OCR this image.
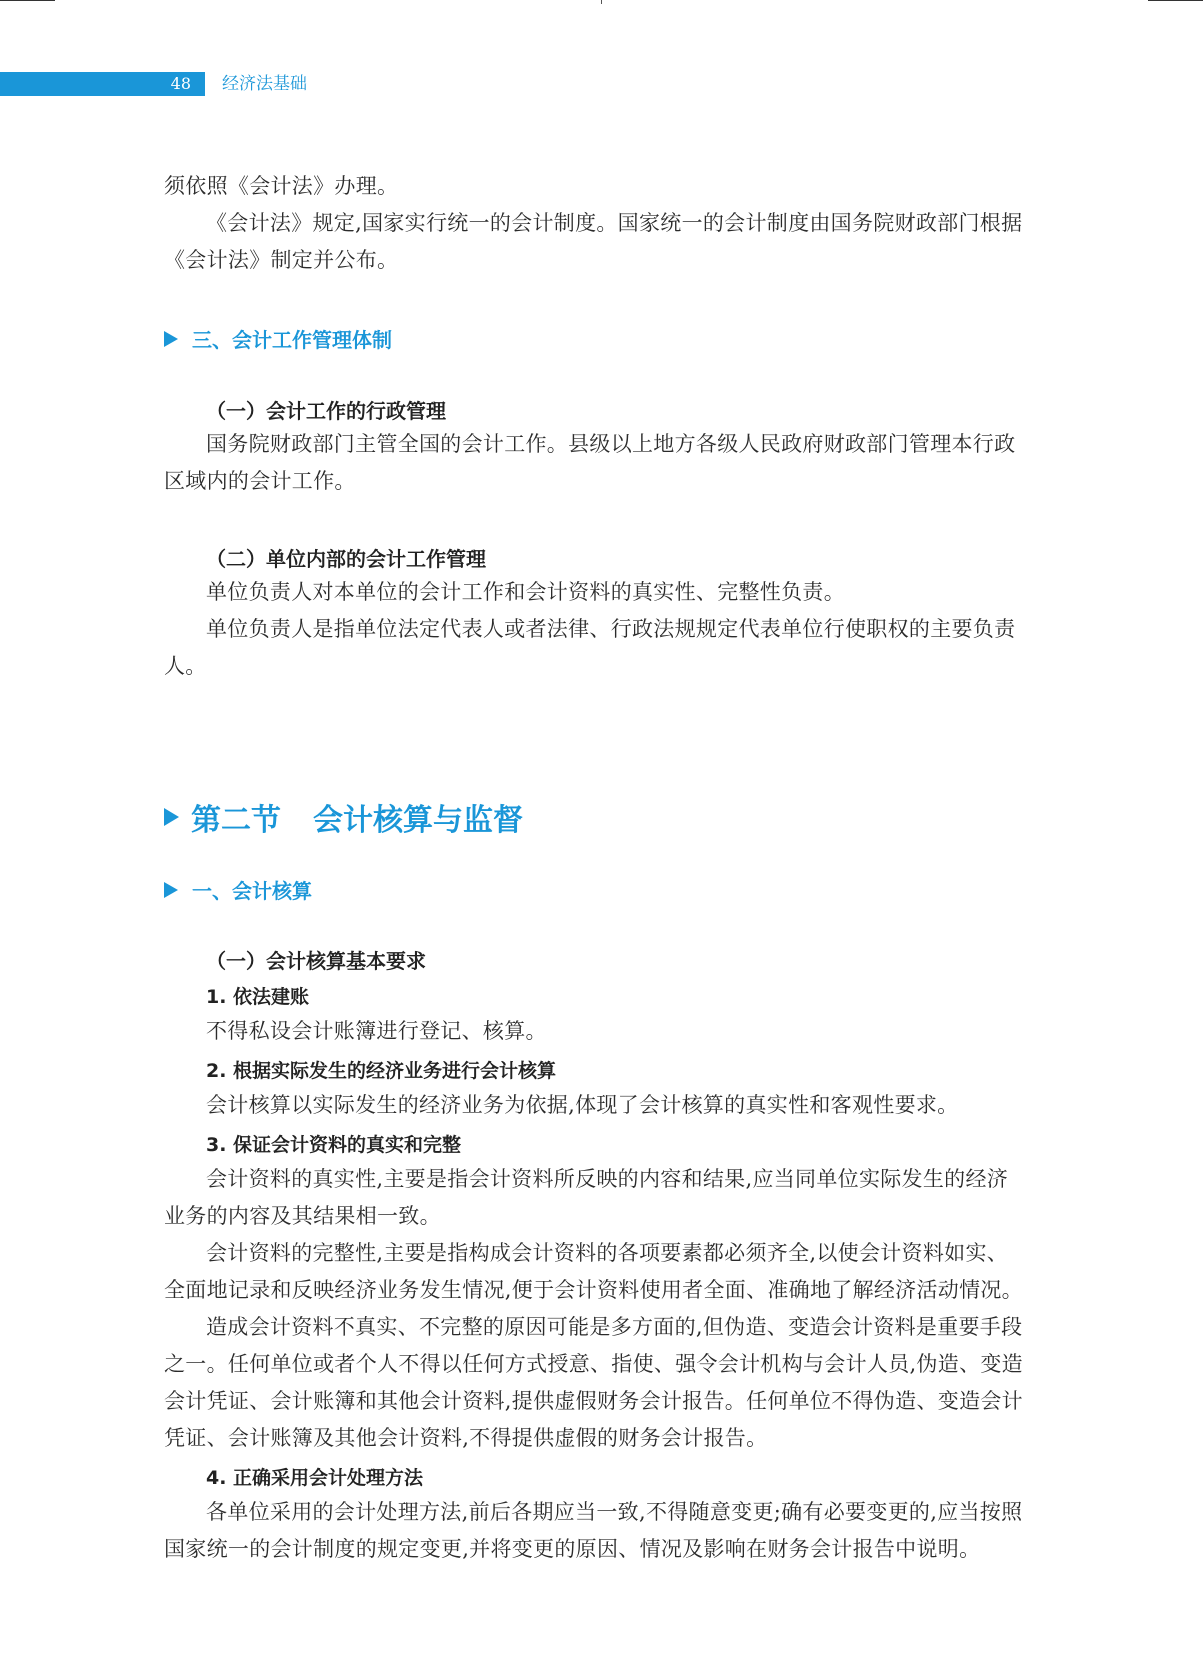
48	经济法基础
须依照《会计法》办理。
《会计法》规定,国家实行统一的会计制度。国家统一的会计制度由国务院财政部门根据《会计法》制定并公布。
三、会计工作管理体制
（一）会计工作的行政管理
国务院财政部门主管全国的会计工作。县级以上地方各级人民政府财政部门管理本行政区域内的会计工作。
（二）单位内部的会计工作管理
单位负责人对本单位的会计工作和会计资料的真实性、完整性负责。
单位负责人是指单位法定代表人或者法律、行政法规规定代表单位行使职权的主要负责人。
第二节 会计核算与监督
一、会计核算
（一）会计核算基本要求
1. 依法建账
不得私设会计账簿进行登记、核算。
2. 根据实际发生的经济业务进行会计核算
会计核算以实际发生的经济业务为依据,体现了会计核算的真实性和客观性要求。
3. 保证会计资料的真实和完整
会计资料的真实性,主要是指会计资料所反映的内容和结果,应当同单位实际发生的经济业务的内容及其结果相一致。
会计资料的完整性,主要是指构成会计资料的各项要素都必须齐全,以使会计资料如实、全面地记录和反映经济业务发生情况,便于会计资料使用者全面、准确地了解经济活动情况。
造成会计资料不真实、不完整的原因可能是多方面的,但伪造、变造会计资料是重要手段之一。任何单位或者个人不得以任何方式授意、指使、强令会计机构与会计人员,伪造、变造会计凭证、会计账簿和其他会计资料,提供虚假财务会计报告。任何单位不得伪造、变造会计凭证、会计账簿及其他会计资料,不得提供虚假的财务会计报告。
4. 正确采用会计处理方法
各单位采用的会计处理方法,前后各期应当一致,不得随意变更;确有必要变更的,应当按照国家统一的会计制度的规定变更,并将变更的原因、情况及影响在财务会计报告中说明。
